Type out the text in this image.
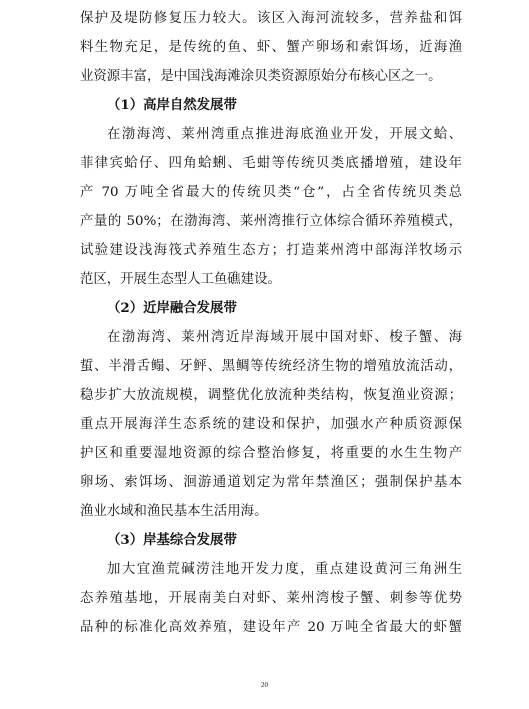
保护及堤防修复压力较大。该区入海河流较多，营养盐和饵
料生物充足，是传统的鱼、虾、蟹产卵场和索饵场，近海渔
业资源丰富，是中国浅海滩涂贝类资源原始分布核心区之一。
（1）高岸自然发展带
在渤海湾、莱州湾重点推进海底渔业开发，开展文蛤、
菲律宾蛤仔、四角蛤蜊、毛蚶等传统贝类底播增殖，建设年
产 70 万吨全省最大的传统贝类“仓”，占全省传统贝类总
产量的 50%；在渤海湾、莱州湾推行立体综合循环养殖模式，
试验建设浅海筏式养殖生态方；打造莱州湾中部海洋牧场示
范区，开展生态型人工鱼礁建设。
（2）近岸融合发展带
在渤海湾、莱州湾近岸海域开展中国对虾、梭子蟹、海
蜇、半滑舌鳎、牙鲆、黑鲷等传统经济生物的增殖放流活动，
稳步扩大放流规模，调整优化放流种类结构，恢复渔业资源；
重点开展海洋生态系统的建设和保护，加强水产种质资源保
护区和重要湿地资源的综合整治修复，将重要的水生生物产
卵场、索饵场、洄游通道划定为常年禁渔区；强制保护基本
渔业水域和渔民基本生活用海。
（3）岸基综合发展带
加大宜渔荒碱涝洼地开发力度，重点建设黄河三角洲生
态养殖基地，开展南美白对虾、莱州湾梭子蟹、刺参等优势
品种的标准化高效养殖，建设年产 20 万吨全省最大的虾蟹
20
